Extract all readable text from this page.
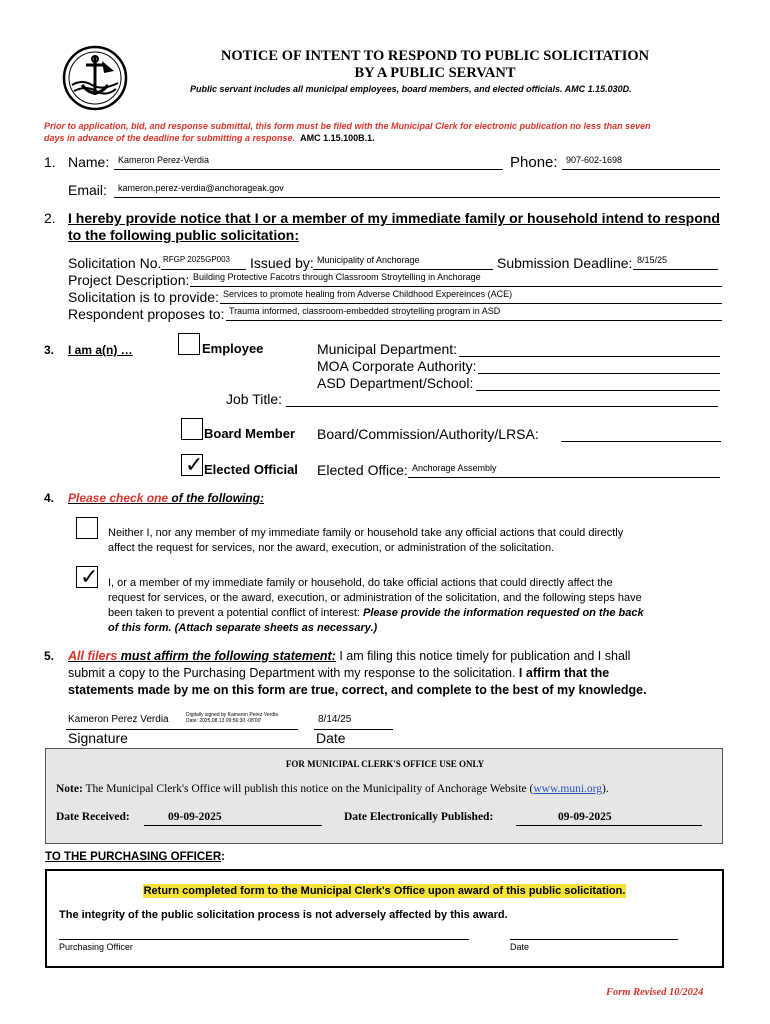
NOTICE OF INTENT TO RESPOND TO PUBLIC SOLICITATION
BY A PUBLIC SERVANT
Public servant includes all municipal employees, board members, and elected officials. AMC 1.15.030D.
Prior to application, bid, and response submittal, this form must be filed with the Municipal Clerk for electronic publication no less than seven
days in advance of the deadline for submitting a response. AMC 1.15.100B.1.
1. Name: Kameron Perez-Verdia	Phone: 907-602-1698
Email: kameron.perez-verdia@anchorageak.gov
2. I hereby provide notice that I or a member of my immediate family or household intend to respond
to the following public solicitation:
Solicitation No. RFGP 2025GP003 Issued by: Municipality of Anchorage	Submission Deadline: 8/15/25
Project Description: Building Protective Facotrs through Classroom Stroytelling in Anchorage
Solicitation is to provide: Services to promote healing from Adverse Childhood Expereinces (ACE)
Respondent proposes to: Trauma informed, classroom-embedded stroytelling program in ASD
3. I am a(n) …	Employee	Municipal Department:
MOA Corporate Authority:
ASD Department/School:
Job Title:
Board Member Board/Commission/Authority/LRSA:
✓ Elected Official Elected Office: Anchorage Assembly
4. Please check one of the following:
Neither I, nor any member of my immediate family or household take any official actions that could directly
affect the request for services, nor the award, execution, or administration of the solicitation.
✓ I, or a member of my immediate family or household, do take official actions that could directly affect the
request for services, or the award, execution, or administration of the solicitation, and the following steps have
been taken to prevent a potential conflict of interest: Please provide the information requested on the back
of this form. (Attach separate sheets as necessary.)
5. All filers must affirm the following statement: I am filing this notice timely for publication and I shall
submit a copy to the Purchasing Department with my response to the solicitation. I affirm that the
statements made by me on this form are true, correct, and complete to the best of my knowledge.
Kameron Perez Verdia	Digitally signed by Kameron Perez Verdia
Date: 2025.08.13 09:56:30 -08'00'	8/14/25
Signature	Date
FOR MUNICIPAL CLERK'S OFFICE USE ONLY
Note: The Municipal Clerk's Office will publish this notice on the Municipality of Anchorage Website (www.muni.org).
Date Received:	09-09-2025	Date Electronically Published:	09-09-2025
TO THE PURCHASING OFFICER:
Return completed form to the Municipal Clerk's Office upon award of this public solicitation.
The integrity of the public solicitation process is not adversely affected by this award.
Purchasing Officer	Date
Form Revised 10/2024
